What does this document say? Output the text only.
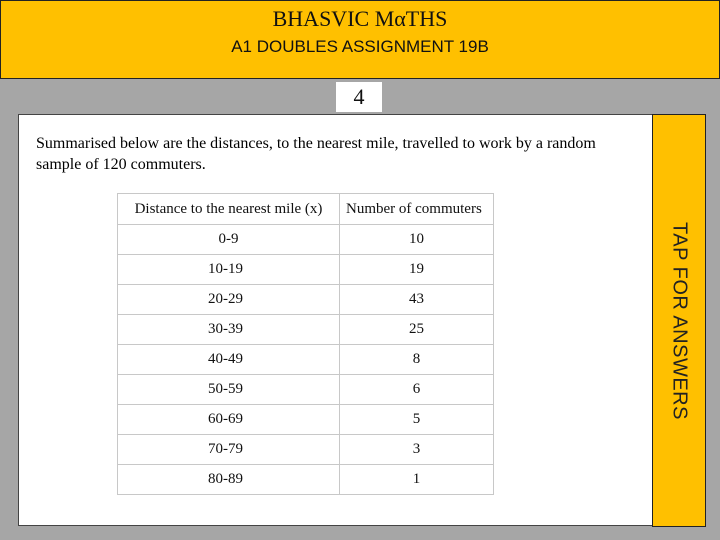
BHASVIC MαTHS
A1 DOUBLES ASSIGNMENT 19B
4
Summarised below are the distances, to the nearest mile, travelled to work by a random sample of 120 commuters.
Distance to the nearest mile (x)	Number of commuters
0-9	10
10-19	19
20-29	43
30-39	25
40-49	8
50-59	6
60-69	5
70-79	3
80-89	1
TAP FOR ANSWERS
